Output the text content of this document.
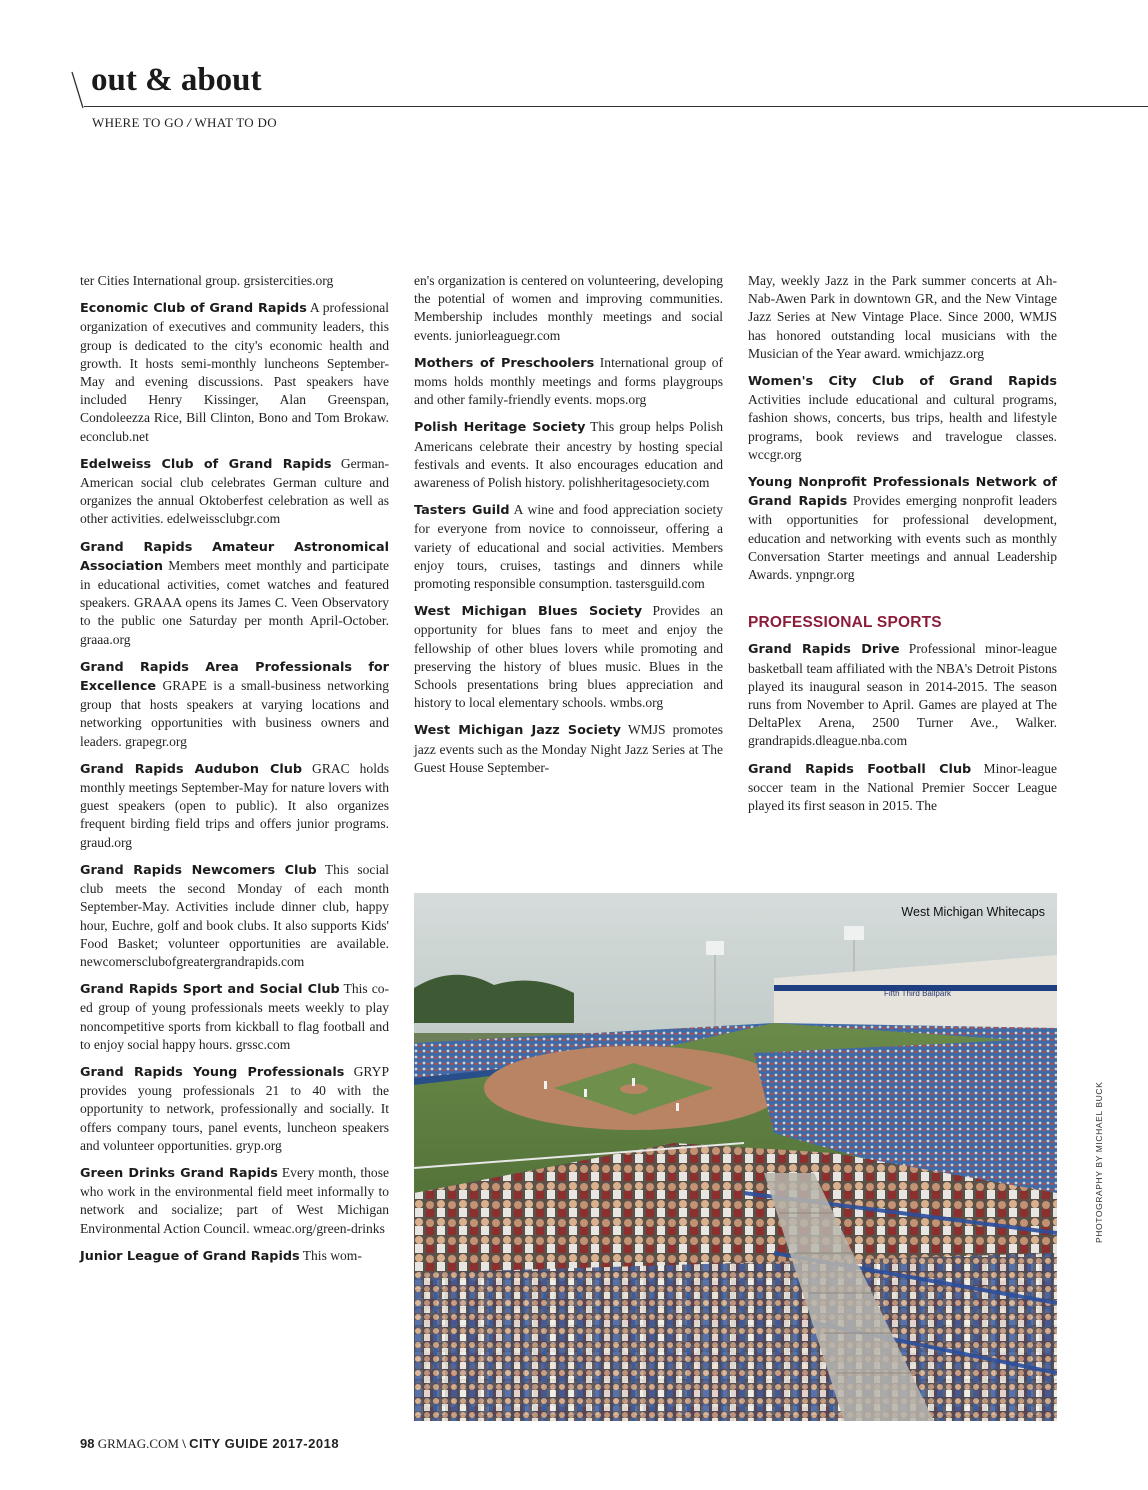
out & about
WHERE TO GO / WHAT TO DO

ter Cities International group. grsistercities.org

Economic Club of Grand Rapids A professional organization of executives and community leaders, this group is dedicated to the city's economic health and growth. It hosts semi-monthly luncheons September-May and evening discussions. Past speakers have included Henry Kissinger, Alan Greenspan, Condoleezza Rice, Bill Clinton, Bono and Tom Brokaw. econclub.net

Edelweiss Club of Grand Rapids German-American social club celebrates German culture and organizes the annual Oktoberfest celebration as well as other activities. edelweissclubgr.com

Grand Rapids Amateur Astronomical Association Members meet monthly and participate in educational activities, comet watches and featured speakers. GRAAA opens its James C. Veen Observatory to the public one Saturday per month April-October. graaa.org

Grand Rapids Area Professionals for Excellence GRAPE is a small-business networking group that hosts speakers at varying locations and networking opportunities with business owners and leaders. grapegr.org

Grand Rapids Audubon Club GRAC holds monthly meetings September-May for nature lovers with guest speakers (open to public). It also organizes frequent birding field trips and offers junior programs. graud.org

Grand Rapids Newcomers Club This social club meets the second Monday of each month September-May. Activities include dinner club, happy hour, Euchre, golf and book clubs. It also supports Kids' Food Basket; volunteer opportunities are available. newcomersclubofgreatergrandrapids.com

Grand Rapids Sport and Social Club This co-ed group of young professionals meets weekly to play noncompetitive sports from kickball to flag football and to enjoy social happy hours. grssc.com

Grand Rapids Young Professionals GRYP provides young professionals 21 to 40 with the opportunity to network, professionally and socially. It offers company tours, panel events, luncheon speakers and volunteer opportunities. gryp.org

Green Drinks Grand Rapids Every month, those who work in the environmental field meet informally to network and socialize; part of West Michigan Environmental Action Council. wmeac.org/green-drinks

Junior League of Grand Rapids This wom-

en's organization is centered on volunteering, developing the potential of women and improving communities. Membership includes monthly meetings and social events. juniorleaguegr.com

Mothers of Preschoolers International group of moms holds monthly meetings and forms playgroups and other family-friendly events. mops.org

Polish Heritage Society This group helps Polish Americans celebrate their ancestry by hosting special festivals and events. It also encourages education and awareness of Polish history. polishheritagesociety.com

Tasters Guild A wine and food appreciation society for everyone from novice to connoisseur, offering a variety of educational and social activities. Members enjoy tours, cruises, tastings and dinners while promoting responsible consumption. tastersguild.com

West Michigan Blues Society Provides an opportunity for blues fans to meet and enjoy the fellowship of other blues lovers while promoting and preserving the history of blues music. Blues in the Schools presentations bring blues appreciation and history to local elementary schools. wmbs.org

West Michigan Jazz Society WMJS promotes jazz events such as the Monday Night Jazz Series at The Guest House September-

May, weekly Jazz in the Park summer concerts at Ah-Nab-Awen Park in downtown GR, and the New Vintage Jazz Series at New Vintage Place. Since 2000, WMJS has honored outstanding local musicians with the Musician of the Year award. wmichjazz.org

Women's City Club of Grand Rapids Activities include educational and cultural programs, fashion shows, concerts, bus trips, health and lifestyle programs, book reviews and travelogue classes. wccgr.org

Young Nonprofit Professionals Network of Grand Rapids Provides emerging nonprofit leaders with opportunities for professional development, education and networking with events such as monthly Conversation Starter meetings and annual Leadership Awards. ynpngr.org

PROFESSIONAL SPORTS

Grand Rapids Drive Professional minor-league basketball team affiliated with the NBA's Detroit Pistons played its inaugural season in 2014-2015. The season runs from November to April. Games are played at The DeltaPlex Arena, 2500 Turner Ave., Walker. grandrapids.dleague.nba.com

Grand Rapids Football Club Minor-league soccer team in the National Premier Soccer League played its first season in 2015. The

Fifth Third Ballpark
West Michigan Whitecaps
PHOTOGRAPHY BY MICHAEL BUCK
98 GRMAG.COM \ CITY GUIDE 2017-2018
